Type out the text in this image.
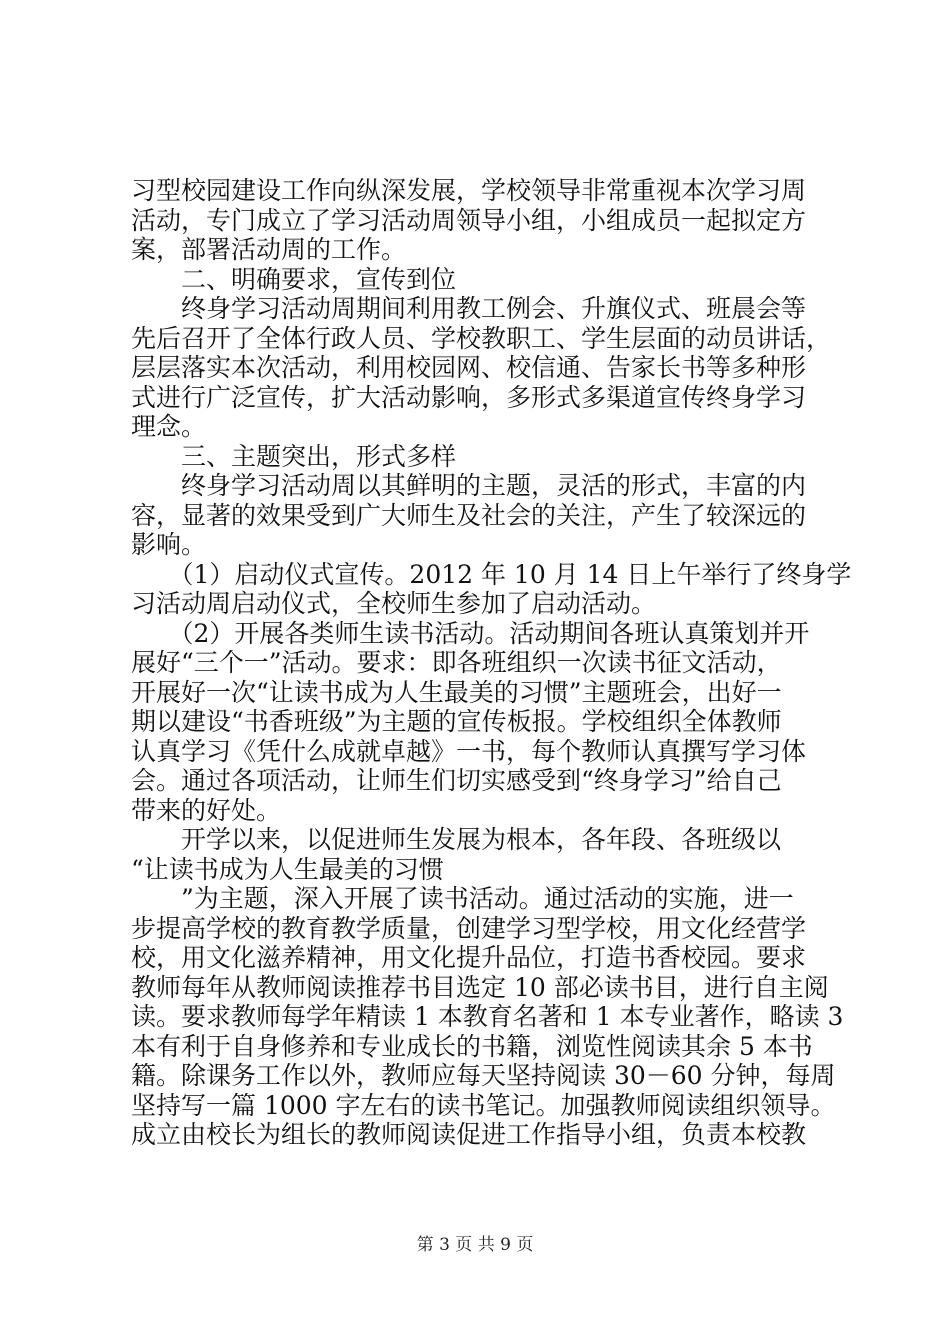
习型校园建设工作向纵深发展，学校领导非常重视本次学习周
活动，专门成立了学习活动周领导小组，小组成员一起拟定方
案，部署活动周的工作。
　　二、明确要求，宣传到位
　　终身学习活动周期间利用教工例会、升旗仪式、班晨会等
先后召开了全体行政人员、学校教职工、学生层面的动员讲话，
层层落实本次活动，利用校园网、校信通、告家长书等多种形
式进行广泛宣传，扩大活动影响，多形式多渠道宣传终身学习
理念。
　　三、主题突出，形式多样
　　终身学习活动周以其鲜明的主题，灵活的形式，丰富的内
容，显著的效果受到广大师生及社会的关注，产生了较深远的
影响。
　　（1）启动仪式宣传。2012 年 10 月 14 日上午举行了终身学
习活动周启动仪式，全校师生参加了启动活动。
　　（2）开展各类师生读书活动。活动期间各班认真策划并开
展好“三个一”活动。要求：即各班组织一次读书征文活动，
开展好一次“让读书成为人生最美的习惯”主题班会，出好一
期以建设“书香班级”为主题的宣传板报。学校组织全体教师
认真学习《凭什么成就卓越》一书，每个教师认真撰写学习体
会。通过各项活动，让师生们切实感受到“终身学习”给自己
带来的好处。
　　开学以来，以促进师生发展为根本，各年段、各班级以
“让读书成为人生最美的习惯
　　”为主题，深入开展了读书活动。通过活动的实施，进一
步提高学校的教育教学质量，创建学习型学校，用文化经营学
校，用文化滋养精神，用文化提升品位，打造书香校园。要求
教师每年从教师阅读推荐书目选定 10 部必读书目，进行自主阅
读。要求教师每学年精读 1 本教育名著和 1 本专业著作，略读 3
本有利于自身修养和专业成长的书籍，浏览性阅读其余 5 本书
籍。除课务工作以外，教师应每天坚持阅读 30－60 分钟，每周
坚持写一篇 1000 字左右的读书笔记。加强教师阅读组织领导。
成立由校长为组长的教师阅读促进工作指导小组，负责本校教
第 3 页 共 9 页
